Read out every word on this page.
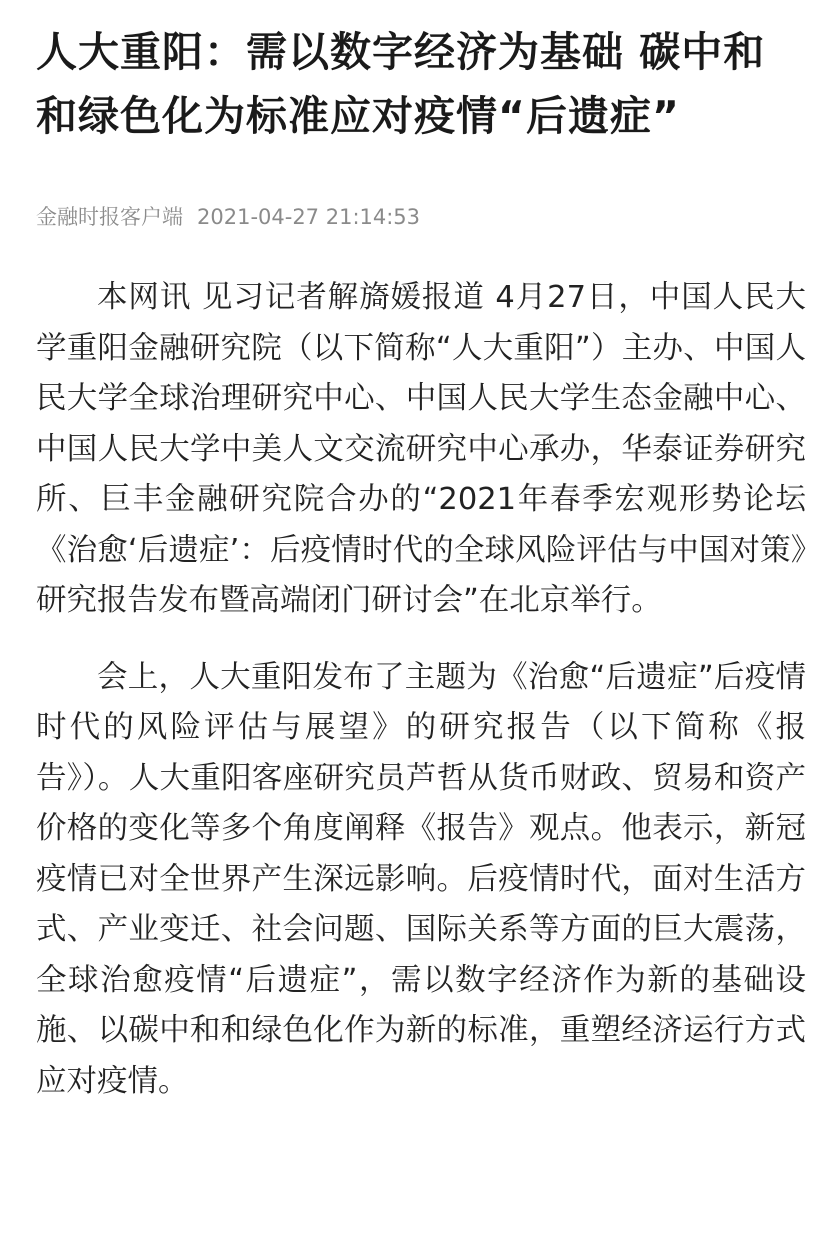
人大重阳：需以数字经济为基础 碳中和和绿色化为标准应对疫情“后遗症”
金融时报客户端 2021-04-27 21:14:53

本网讯 见习记者解旖媛报道 4月27日，中国人民大学重阳金融研究院（以下简称“人大重阳”）主办、中国人民大学全球治理研究中心、中国人民大学生态金融中心、中国人民大学中美人文交流研究中心承办，华泰证券研究所、巨丰金融研究院合办的“2021年春季宏观形势论坛《治愈‘后遗症’：后疫情时代的全球风险评估与中国对策》研究报告发布暨高端闭门研讨会”在北京举行。

会上，人大重阳发布了主题为《治愈“后遗症”后疫情时代的风险评估与展望》的研究报告（以下简称《报告》）。人大重阳客座研究员芦哲从货币财政、贸易和资产价格的变化等多个角度阐释《报告》观点。他表示，新冠疫情已对全世界产生深远影响。后疫情时代，面对生活方式、产业变迁、社会问题、国际关系等方面的巨大震荡，全球治愈疫情“后遗症”，需以数字经济作为新的基础设施、以碳中和和绿色化作为新的标准，重塑经济运行方式应对疫情。
